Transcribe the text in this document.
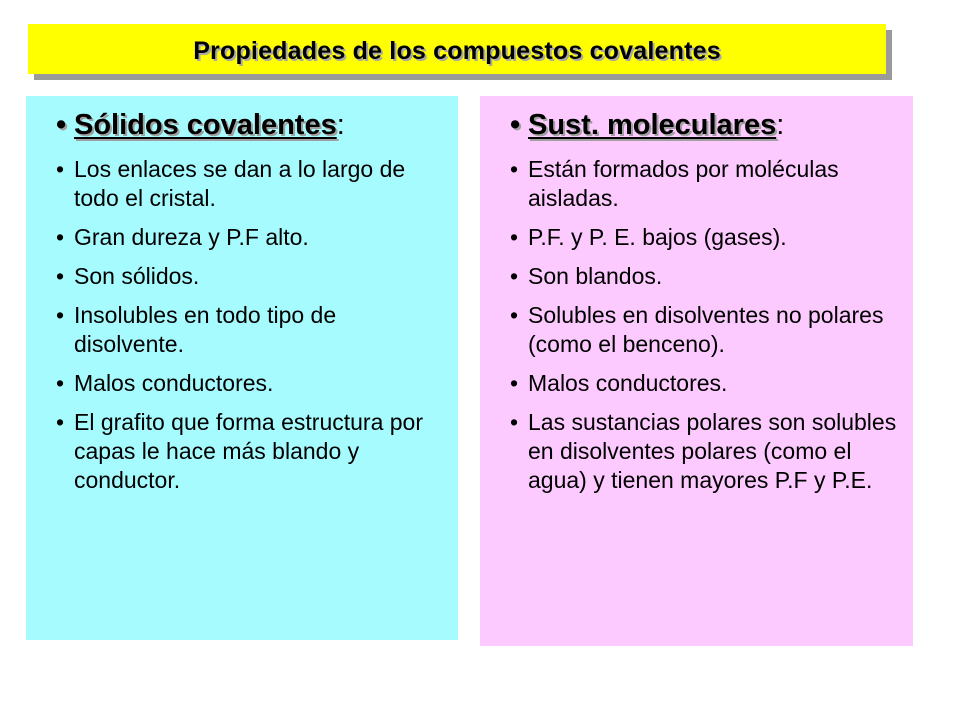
Propiedades de los compuestos covalentes
• Sólidos covalentes:
• Los enlaces se dan a lo largo de todo el cristal.
• Gran dureza y P.F alto.
• Son sólidos.
• Insolubles en todo tipo de disolvente.
• Malos conductores.
• El grafito que forma estructura por capas le hace más blando y conductor.
• Sust. moleculares:
• Están formados por moléculas aisladas.
• P.F. y P. E. bajos (gases).
• Son blandos.
• Solubles en disolventes no polares (como el benceno).
• Malos conductores.
• Las sustancias polares son solubles en disolventes polares (como el agua) y tienen mayores P.F y P.E.
